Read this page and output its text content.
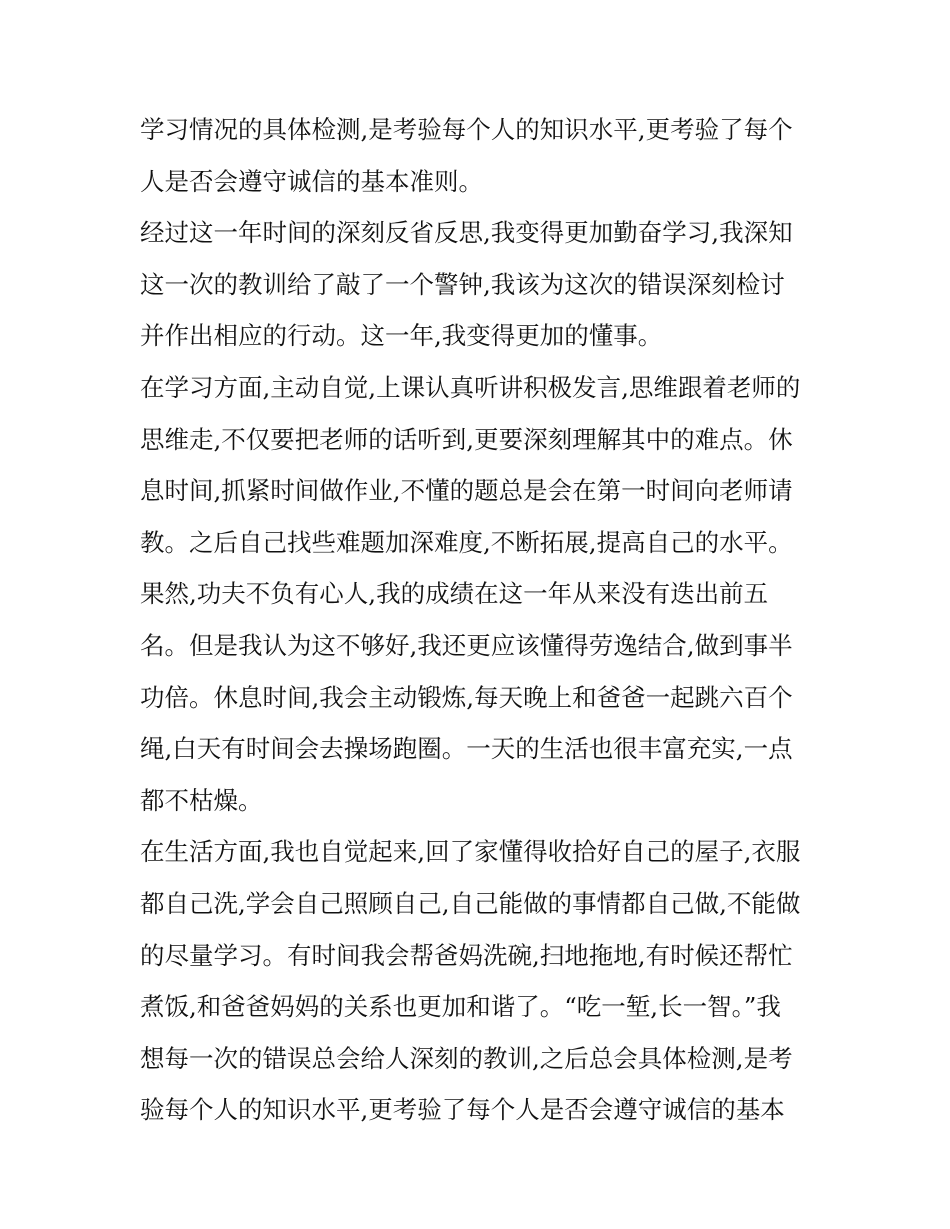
学习情况的具体检测,是考验每个人的知识水平,更考验了每个
人是否会遵守诚信的基本准则。

经过这一年时间的深刻反省反思,我变得更加勤奋学习,我深知
这一次的教训给了敲了一个警钟,我该为这次的错误深刻检讨
并作出相应的行动。这一年,我变得更加的懂事。

在学习方面,主动自觉,上课认真听讲积极发言,思维跟着老师的
思维走,不仅要把老师的话听到,更要深刻理解其中的难点。休
息时间,抓紧时间做作业,不懂的题总是会在第一时间向老师请
教。之后自己找些难题加深难度,不断拓展,提高自己的水平。
果然,功夫不负有心人,我的成绩在这一年从来没有迭出前五
名。但是我认为这不够好,我还更应该懂得劳逸结合,做到事半
功倍。休息时间,我会主动锻炼,每天晚上和爸爸一起跳六百个
绳,白天有时间会去操场跑圈。一天的生活也很丰富充实,一点
都不枯燥。

在生活方面,我也自觉起来,回了家懂得收拾好自己的屋子,衣服
都自己洗,学会自己照顾自己,自己能做的事情都自己做,不能做
的尽量学习。有时间我会帮爸妈洗碗,扫地拖地,有时候还帮忙
煮饭,和爸爸妈妈的关系也更加和谐了。“吃一堑,长一智。”我
想每一次的错误总会给人深刻的教训,之后总会具体检测,是考
验每个人的知识水平,更考验了每个人是否会遵守诚信的基本
